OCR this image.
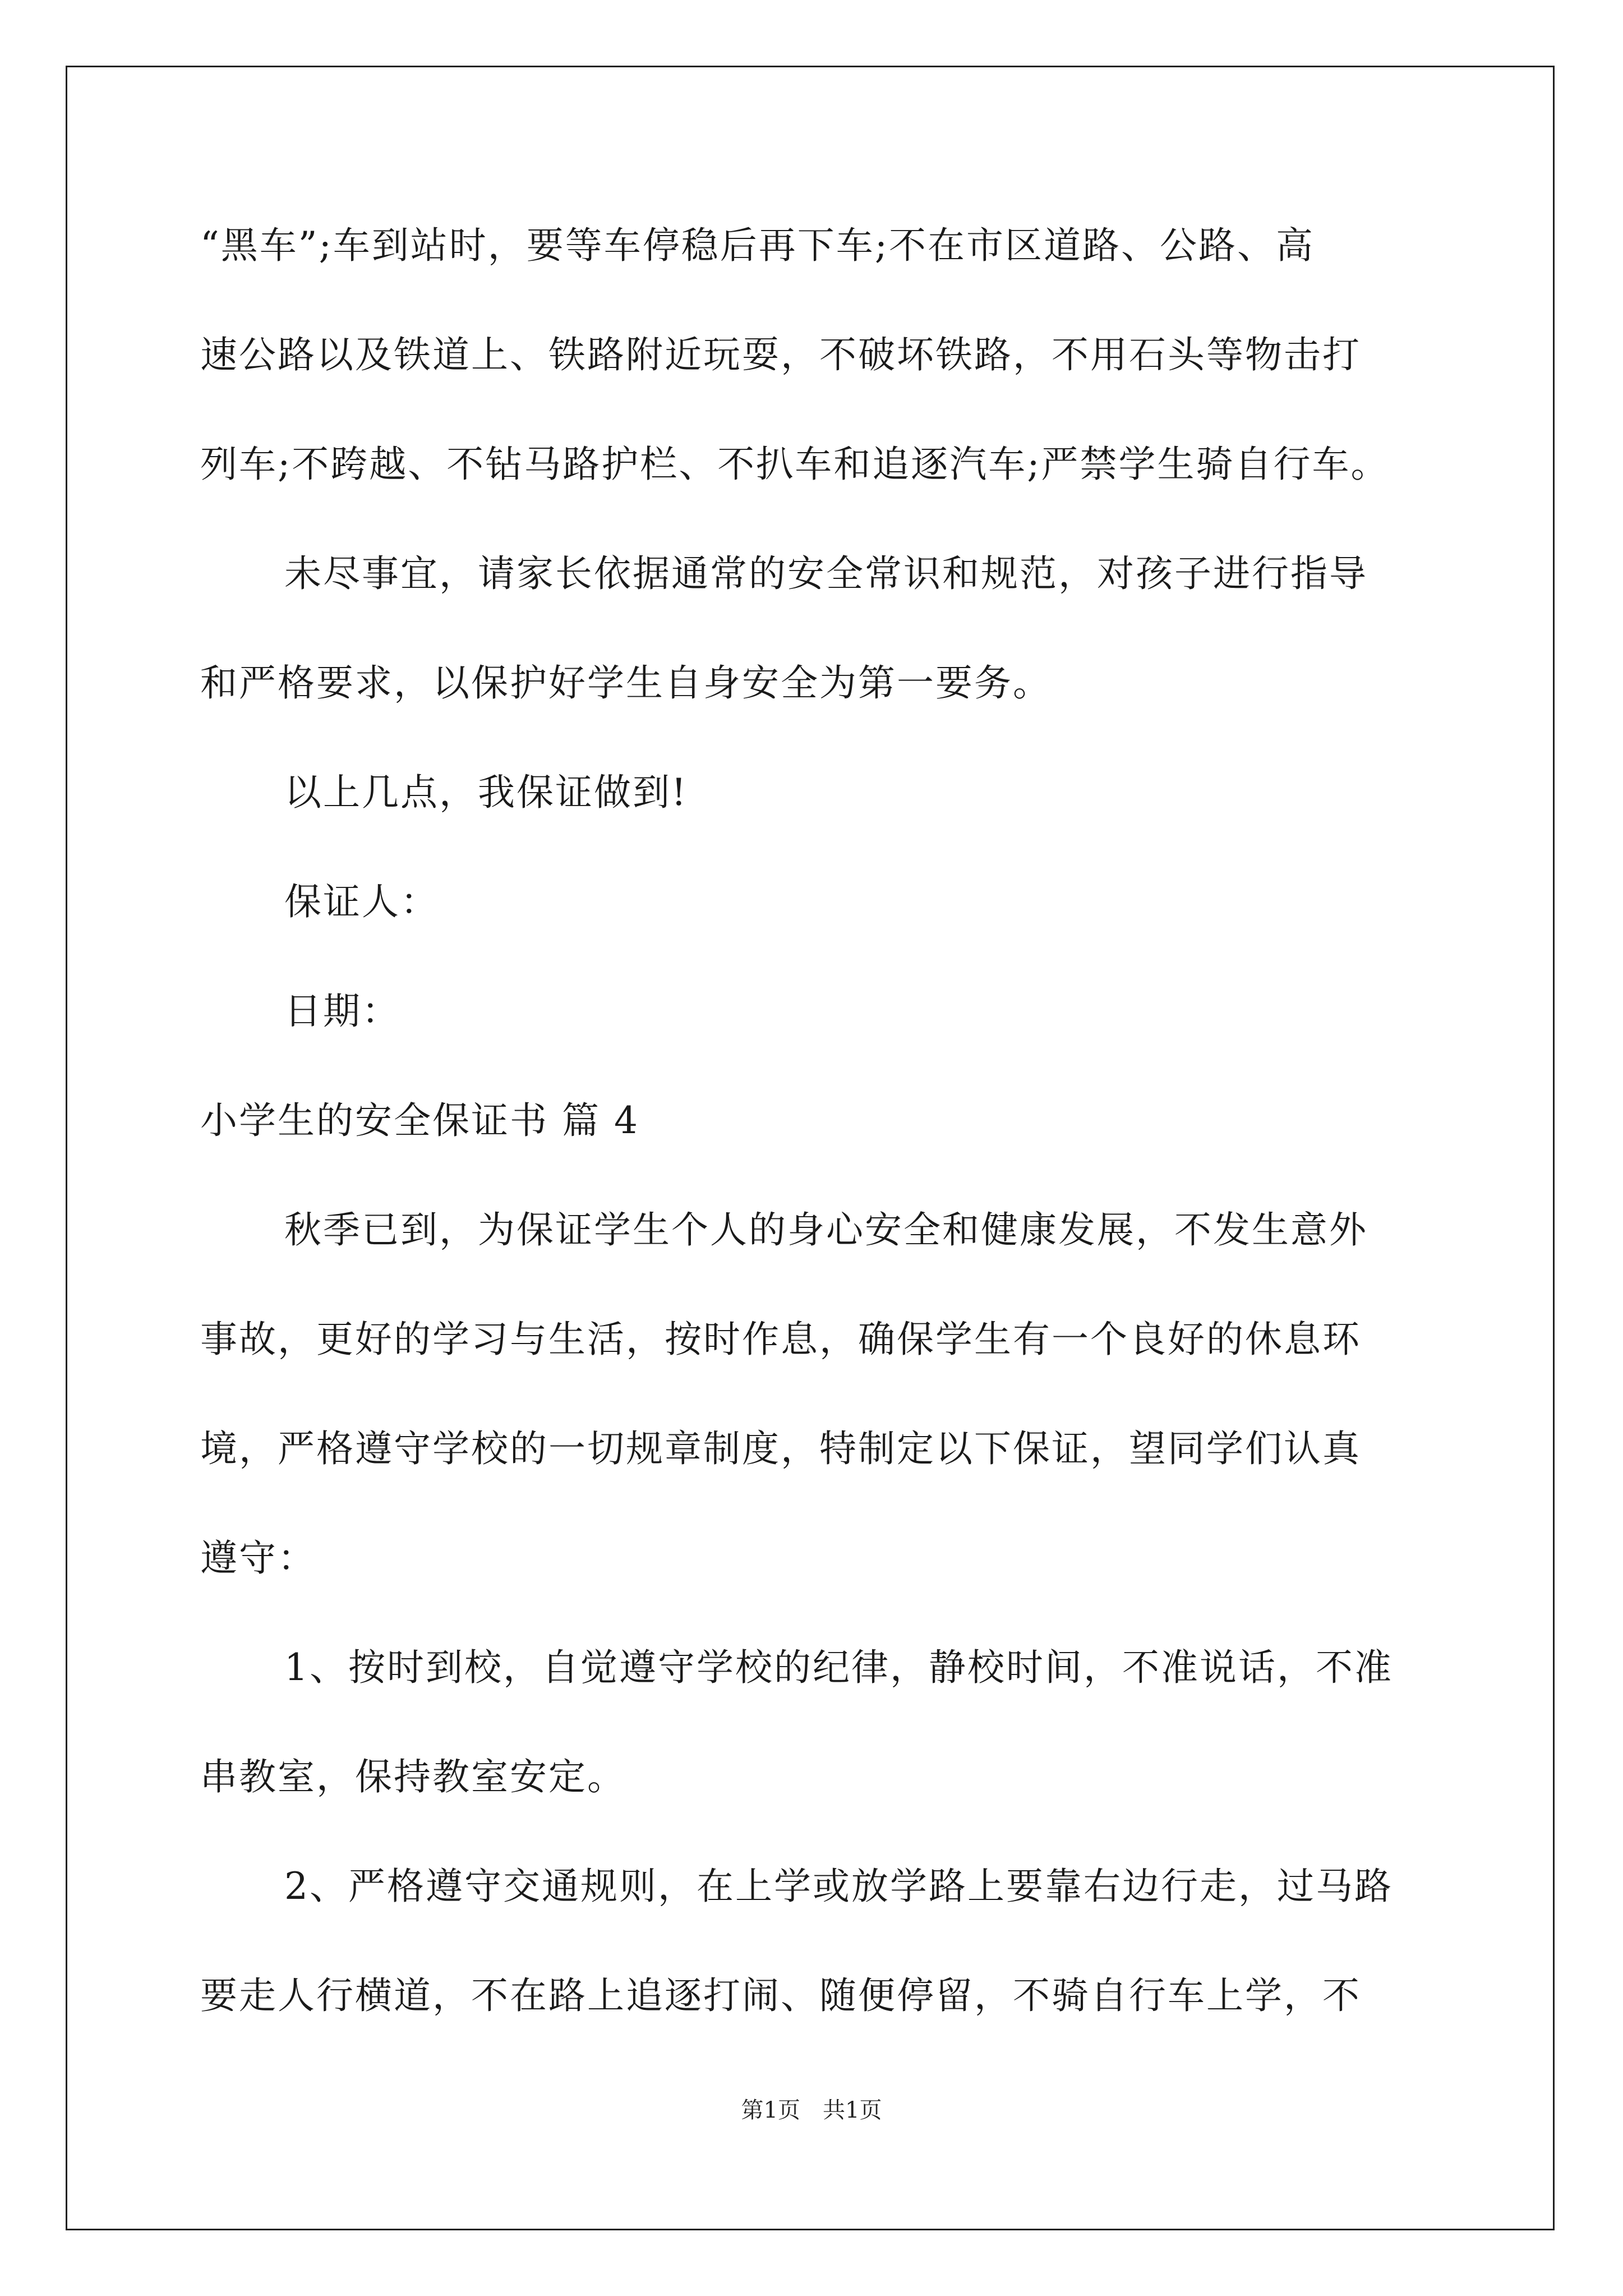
“黑车”;车到站时，要等车停稳后再下车;不在市区道路、公路、高
速公路以及铁道上、铁路附近玩耍，不破坏铁路，不用石头等物击打
列车;不跨越、不钻马路护栏、不扒车和追逐汽车;严禁学生骑自行车。
未尽事宜，请家长依据通常的安全常识和规范，对孩子进行指导
和严格要求，以保护好学生自身安全为第一要务。
以上几点，我保证做到!
保证人：
日期：
小学生的安全保证书 篇 4
秋季已到，为保证学生个人的身心安全和健康发展，不发生意外
事故，更好的学习与生活，按时作息，确保学生有一个良好的休息环
境，严格遵守学校的一切规章制度，特制定以下保证，望同学们认真
遵守：
1、按时到校，自觉遵守学校的纪律，静校时间，不准说话，不准
串教室，保持教室安定。
2、严格遵守交通规则，在上学或放学路上要靠右边行走，过马路
要走人行横道，不在路上追逐打闹、随便停留，不骑自行车上学，不
第1页　共1页
